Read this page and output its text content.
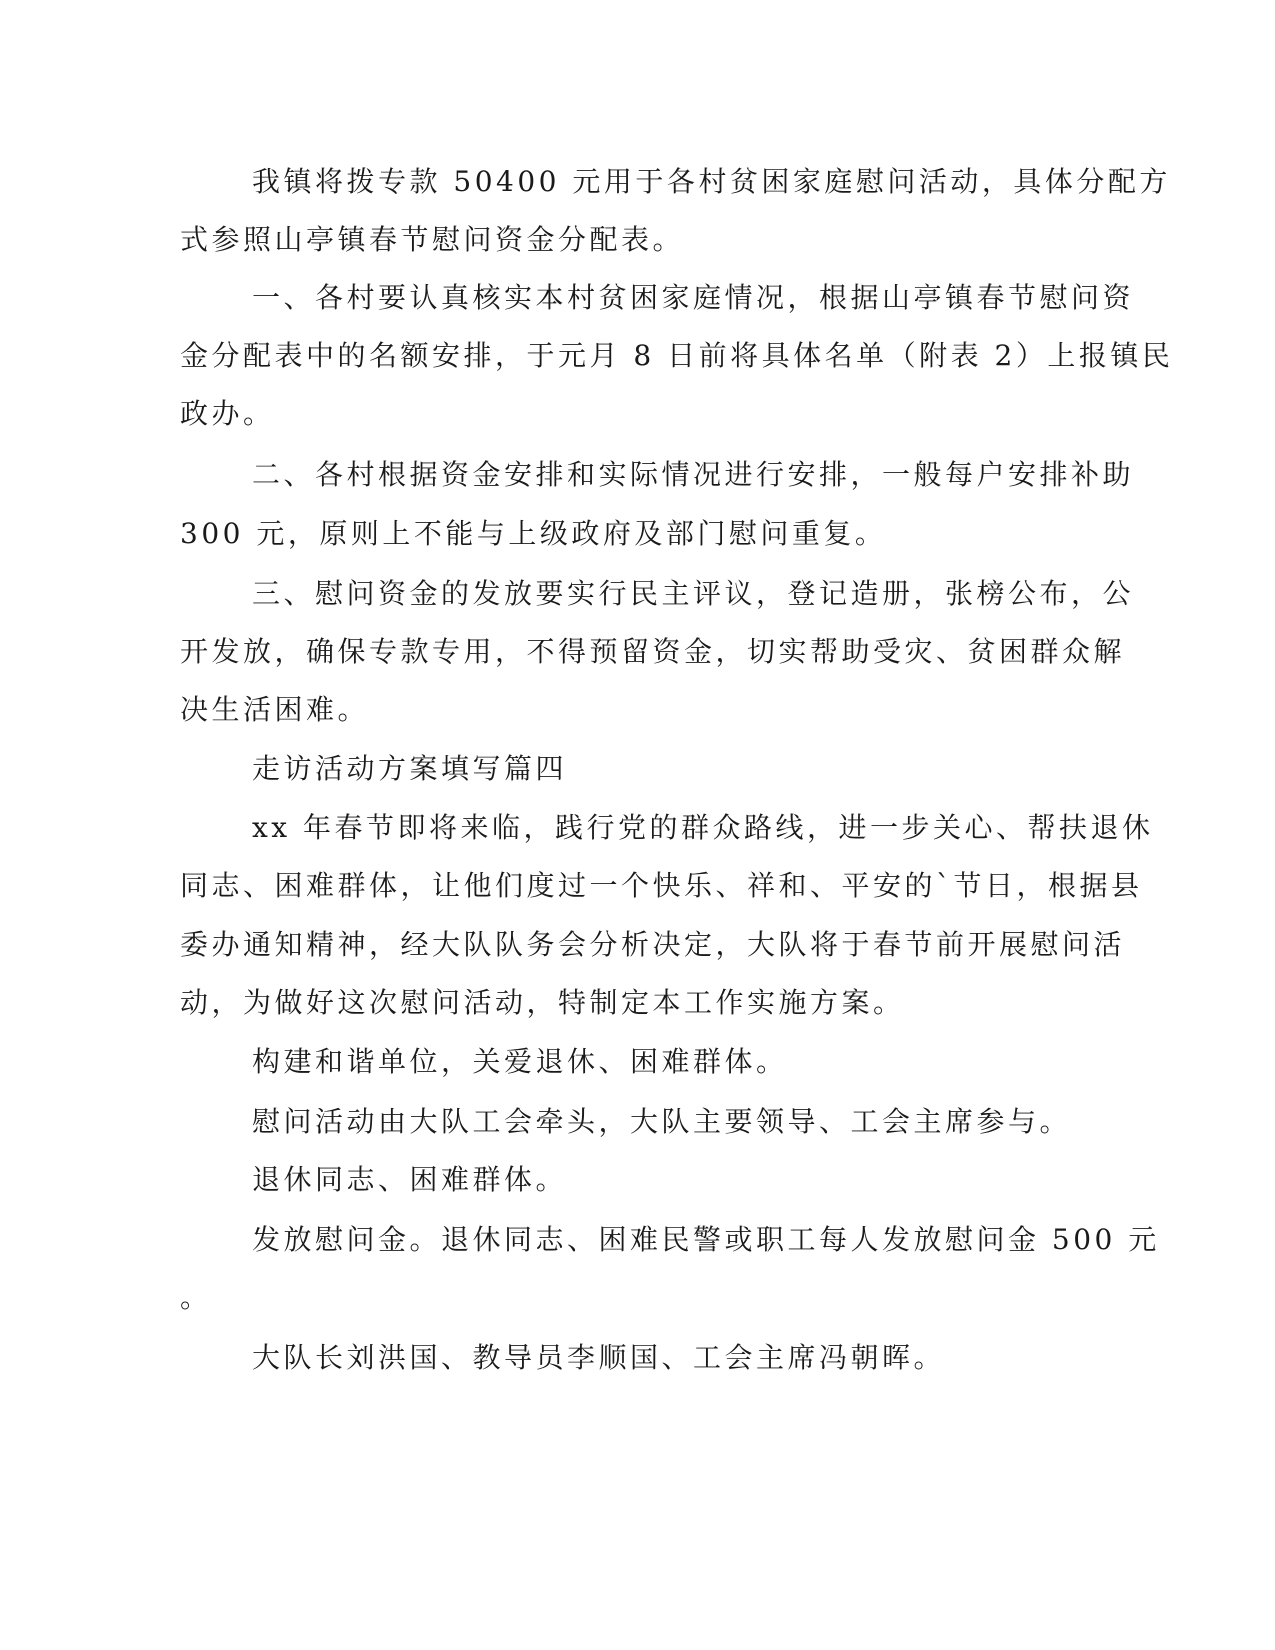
我镇将拨专款 50400 元用于各村贫困家庭慰问活动，具体分配方

式参照山亭镇春节慰问资金分配表。

一、各村要认真核实本村贫困家庭情况，根据山亭镇春节慰问资

金分配表中的名额安排，于元月 8 日前将具体名单（附表 2）上报镇民

政办。

二、各村根据资金安排和实际情况进行安排，一般每户安排补助

300 元，原则上不能与上级政府及部门慰问重复。

三、慰问资金的发放要实行民主评议，登记造册，张榜公布，公

开发放，确保专款专用，不得预留资金，切实帮助受灾、贫困群众解

决生活困难。

走访活动方案填写篇四

xx 年春节即将来临，践行党的群众路线，进一步关心、帮扶退休

同志、困难群体，让他们度过一个快乐、祥和、平安的`节日，根据县

委办通知精神，经大队队务会分析决定，大队将于春节前开展慰问活

动，为做好这次慰问活动，特制定本工作实施方案。

构建和谐单位，关爱退休、困难群体。

慰问活动由大队工会牵头，大队主要领导、工会主席参与。

退休同志、困难群体。

发放慰问金。退休同志、困难民警或职工每人发放慰问金 500 元

。

大队长刘洪国、教导员李顺国、工会主席冯朝晖。
